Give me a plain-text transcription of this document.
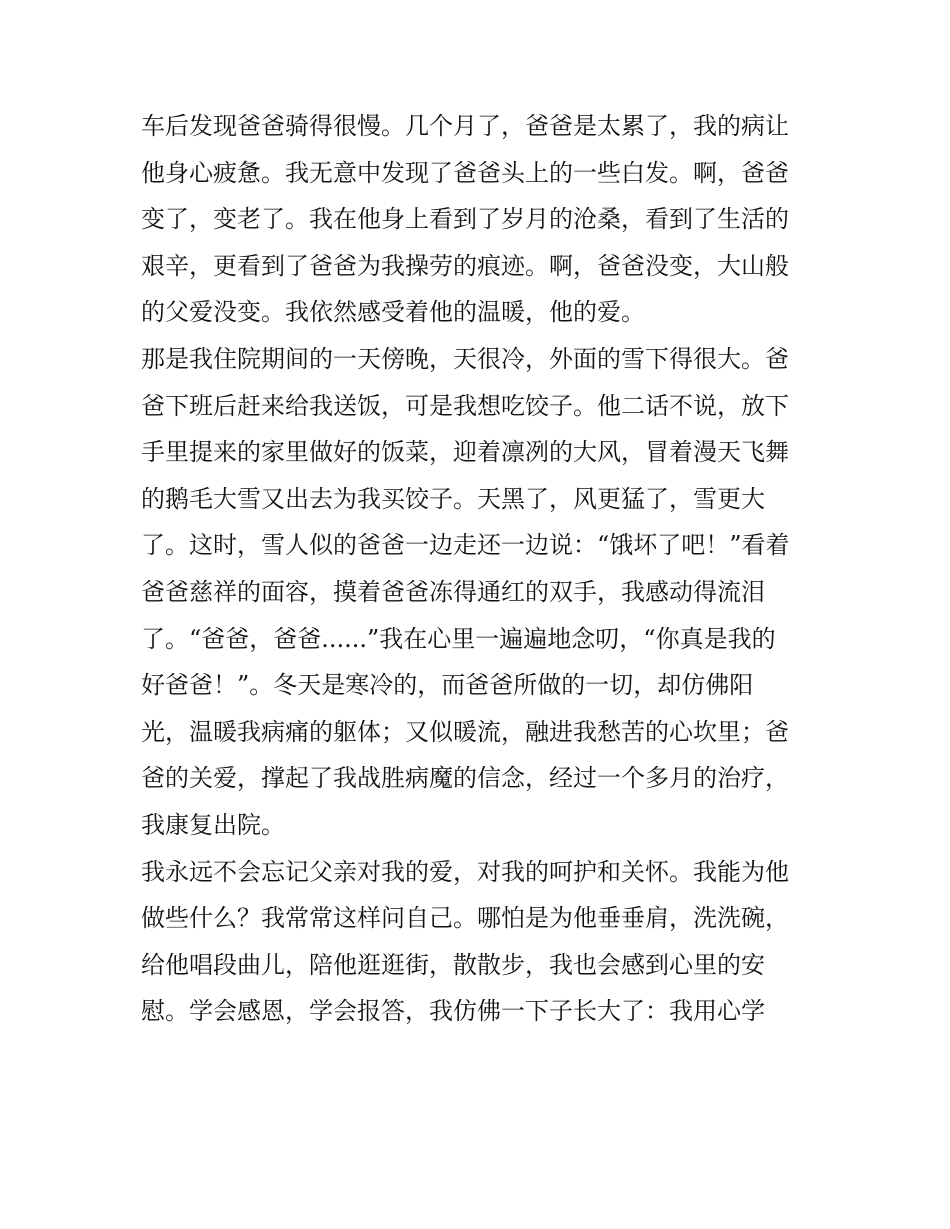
车后发现爸爸骑得很慢。几个月了，爸爸是太累了，我的病让
他身心疲惫。我无意中发现了爸爸头上的一些白发。啊，爸爸
变了，变老了。我在他身上看到了岁月的沧桑，看到了生活的
艰辛，更看到了爸爸为我操劳的痕迹。啊，爸爸没变，大山般
的父爱没变。我依然感受着他的温暖，他的爱。
那是我住院期间的一天傍晚，天很冷，外面的雪下得很大。爸
爸下班后赶来给我送饭，可是我想吃饺子。他二话不说，放下
手里提来的家里做好的饭菜，迎着凛冽的大风，冒着漫天飞舞
的鹅毛大雪又出去为我买饺子。天黑了，风更猛了，雪更大
了。这时，雪人似的爸爸一边走还一边说：“饿坏了吧！”看着
爸爸慈祥的面容，摸着爸爸冻得通红的双手，我感动得流泪
了。“爸爸，爸爸......”我在心里一遍遍地念叨，“你真是我的
好爸爸！”。冬天是寒冷的，而爸爸所做的一切，却仿佛阳
光，温暖我病痛的躯体；又似暖流，融进我愁苦的心坎里；爸
爸的关爱，撑起了我战胜病魔的信念，经过一个多月的治疗，
我康复出院。
我永远不会忘记父亲对我的爱，对我的呵护和关怀。我能为他
做些什么？我常常这样问自己。哪怕是为他垂垂肩，洗洗碗，
给他唱段曲儿，陪他逛逛街，散散步，我也会感到心里的安
慰。学会感恩，学会报答，我仿佛一下子长大了：我用心学
